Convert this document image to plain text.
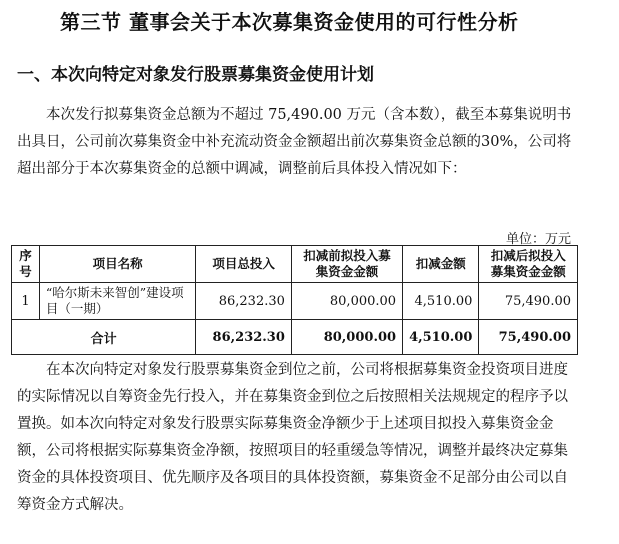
第三节 董事会关于本次募集资金使用的可行性分析
一、本次向特定对象发行股票募集资金使用计划
  本次发行拟募集资金总额为不超过 75,490.00 万元（含本数），截至本募集说明书出具日，公司前次募集资金中补充流动资金金额超出前次募集资金总额的30%，公司将超出部分于本次募集资金的总额中调减，调整前后具体投入情况如下：
单位：万元
序号	项目名称	项目总投入	扣减前拟投入募集资金金额	扣减金额	扣减后拟投入募集资金金额
1	“哈尔斯未来智创”建设项目（一期）	86,232.30	80,000.00	4,510.00	75,490.00
合计		86,232.30	80,000.00	4,510.00	75,490.00
  在本次向特定对象发行股票募集资金到位之前，公司将根据募集资金投资项目进度的实际情况以自筹资金先行投入，并在募集资金到位之后按照相关法规规定的程序予以置换。如本次向特定对象发行股票实际募集资金净额少于上述项目拟投入募集资金金额，公司将根据实际募集资金净额，按照项目的轻重缓急等情况，调整并最终决定募集资金的具体投资项目、优先顺序及各项目的具体投资额，募集资金不足部分由公司以自筹资金方式解决。
